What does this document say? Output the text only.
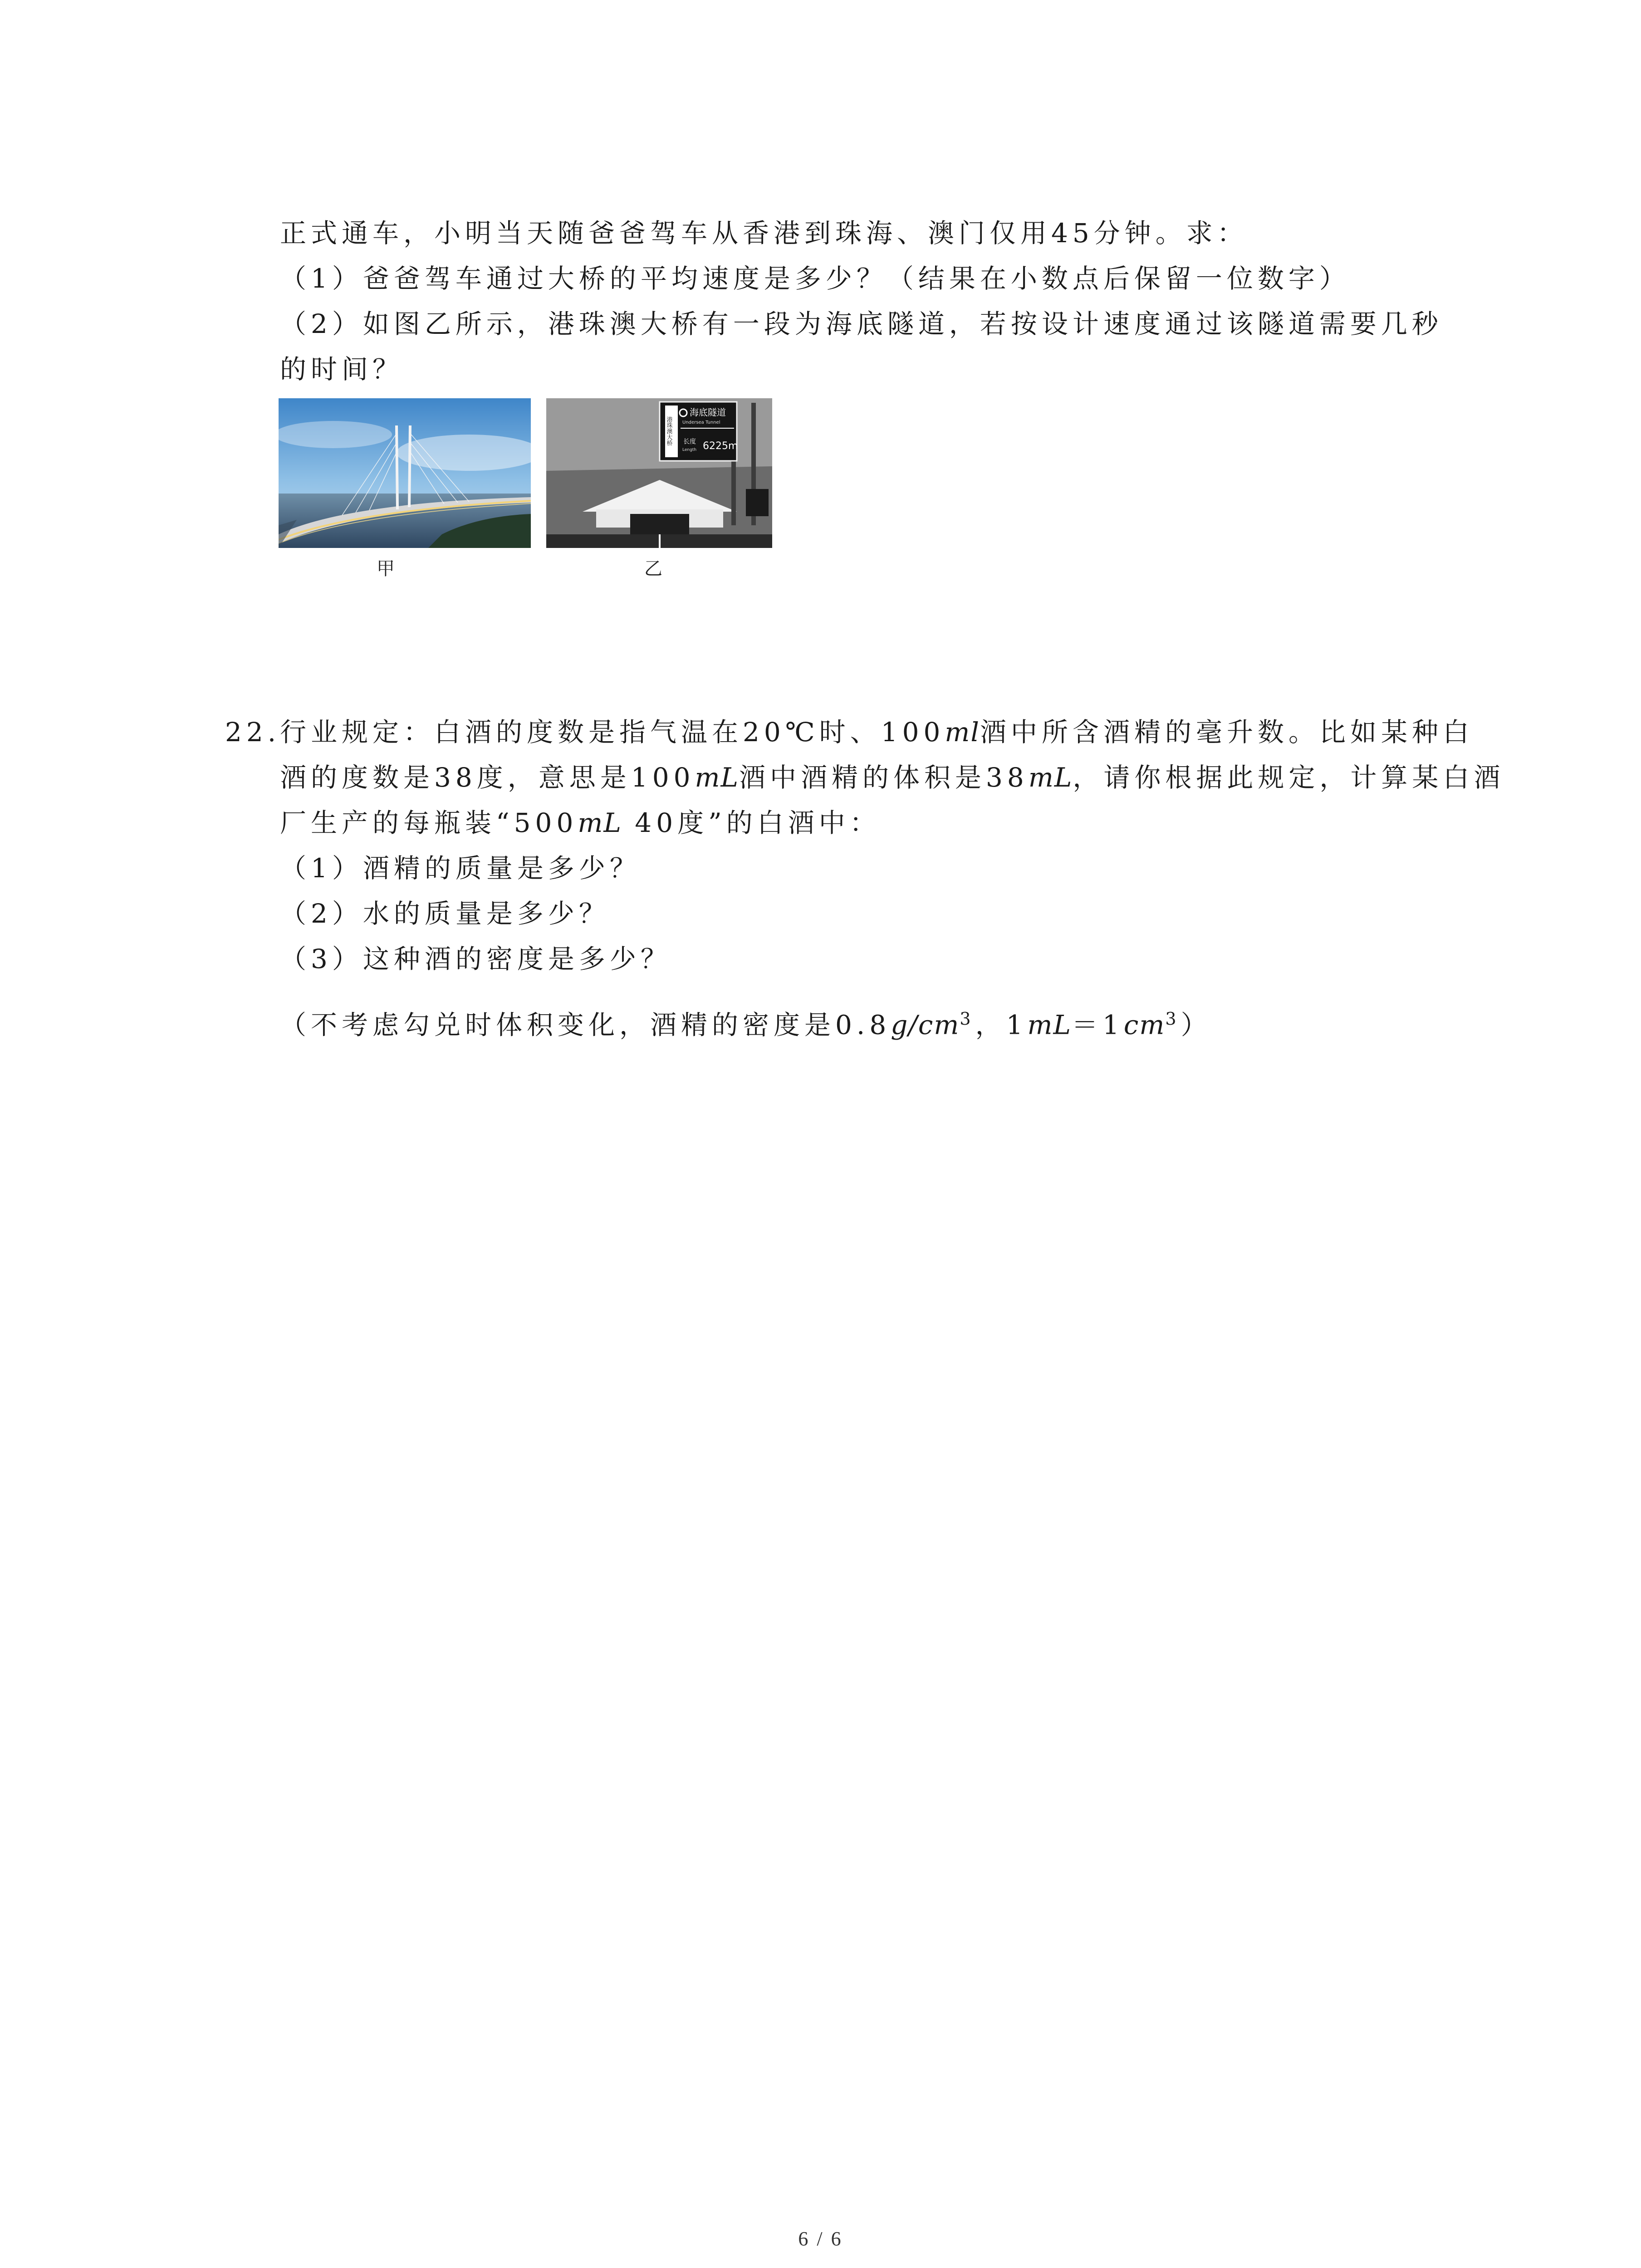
正式通车，小明当天随爸爸驾车从香港到珠海、澳门仅用45分钟。求：
（1）爸爸驾车通过大桥的平均速度是多少？（结果在小数点后保留一位数字）
（2）如图乙所示，港珠澳大桥有一段为海底隧道，若按设计速度通过该隧道需要几秒
的时间？
甲
海底隧道
Undersea Tunnel
长度
Length 6225m
港珠澳大桥
乙
22.
行业规定：白酒的度数是指气温在20℃时、100ml酒中所含酒精的毫升数。比如某种白
酒的度数是38度，意思是100mL酒中酒精的体积是38mL，请你根据此规定，计算某白酒
厂生产的每瓶装“500mL 40度”的白酒中：
（1）酒精的质量是多少？
（2）水的质量是多少？
（3）这种酒的密度是多少？
（不考虑勾兑时体积变化，酒精的密度是$0.8g/cm^3$，$1mL=1cm^3$）
6 / 6
